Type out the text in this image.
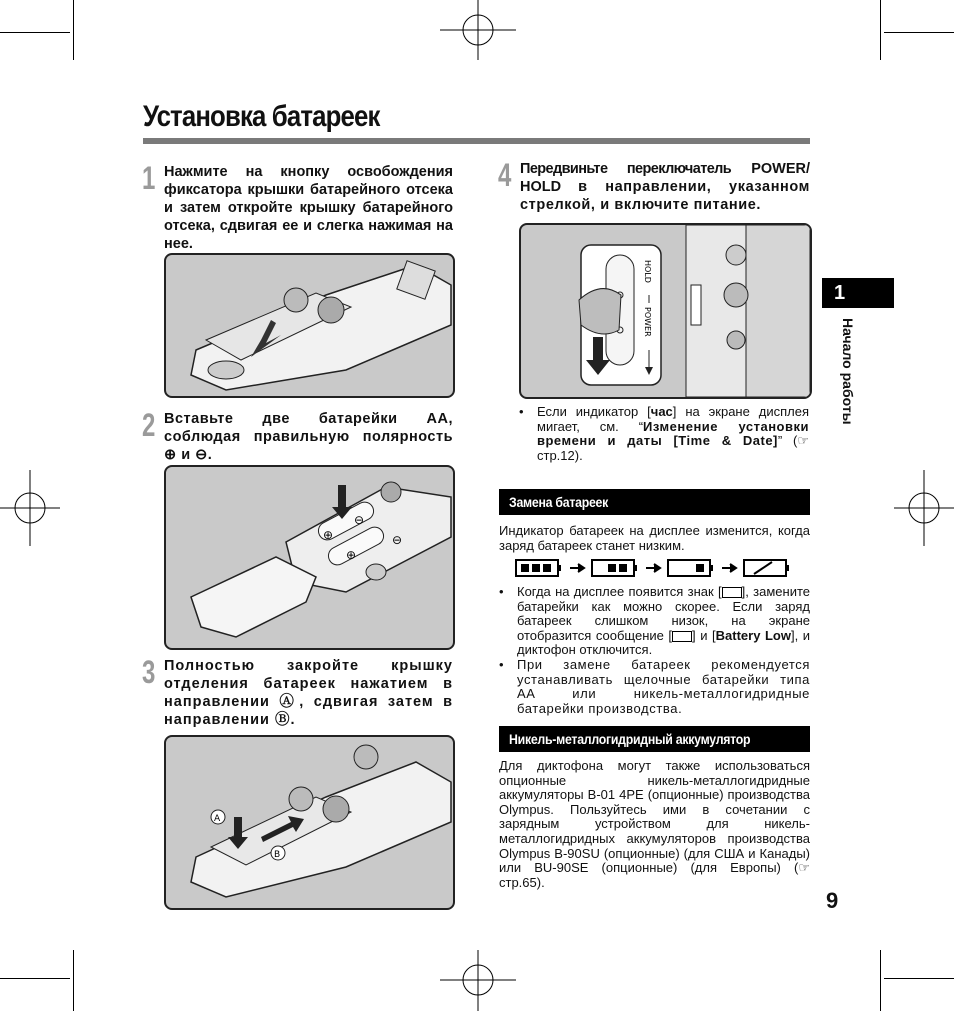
Установка батареек
1
Начало работы
1 Нажмите на кнопку освобождения фиксатора крышки батарейного отсека и затем откройте крышку батарейного отсека, сдвигая ее и слегка нажимая на нее.
2 Вставьте две батарейки AA, соблюдая правильную полярность ⊕ и ⊖.
⊕
⊖
⊕
⊖
3 Полностью закройте крышку отделения батареек нажатием в направлении Ⓐ, сдвигая затем в направлении Ⓑ.
A
B
4 Передвиньте переключатель POWER/ HOLD в направлении, указанном стрелкой, и включите питание.
HOLD
POWER
•	Если индикатор [час] на экране дисплея мигает, см. “Изменение установки времени и даты [Time & Date]” (☞ стр.12).
Замена батареек
Индикатор батареек на дисплее изменится, когда заряд батареек станет низким.
•	Когда на дисплее появится знак [ ], замените батарейки как можно скорее. Если заряд батареек слишком низок, на экране отобразится сообщение [ ] и [Battery Low], и диктофон отключится.
•	При замене батареек рекомендуется устанавливать щелочные батарейки типа AA или никель-металлогидридные батарейки производства.
Никель-металлогидридный аккумулятор
Для диктофона могут также использоваться опционные никель-металлогидридные аккумуляторы B-01 4PE (опционные) производства Olympus. Пользуйтесь ими в сочетании с зарядным устройством для никель-металлогидридных аккумуляторов производства Olympus B-90SU (опционные) (для США и Канады) или BU-90SE (опционные) (для Европы) (☞ стр.65).
9
